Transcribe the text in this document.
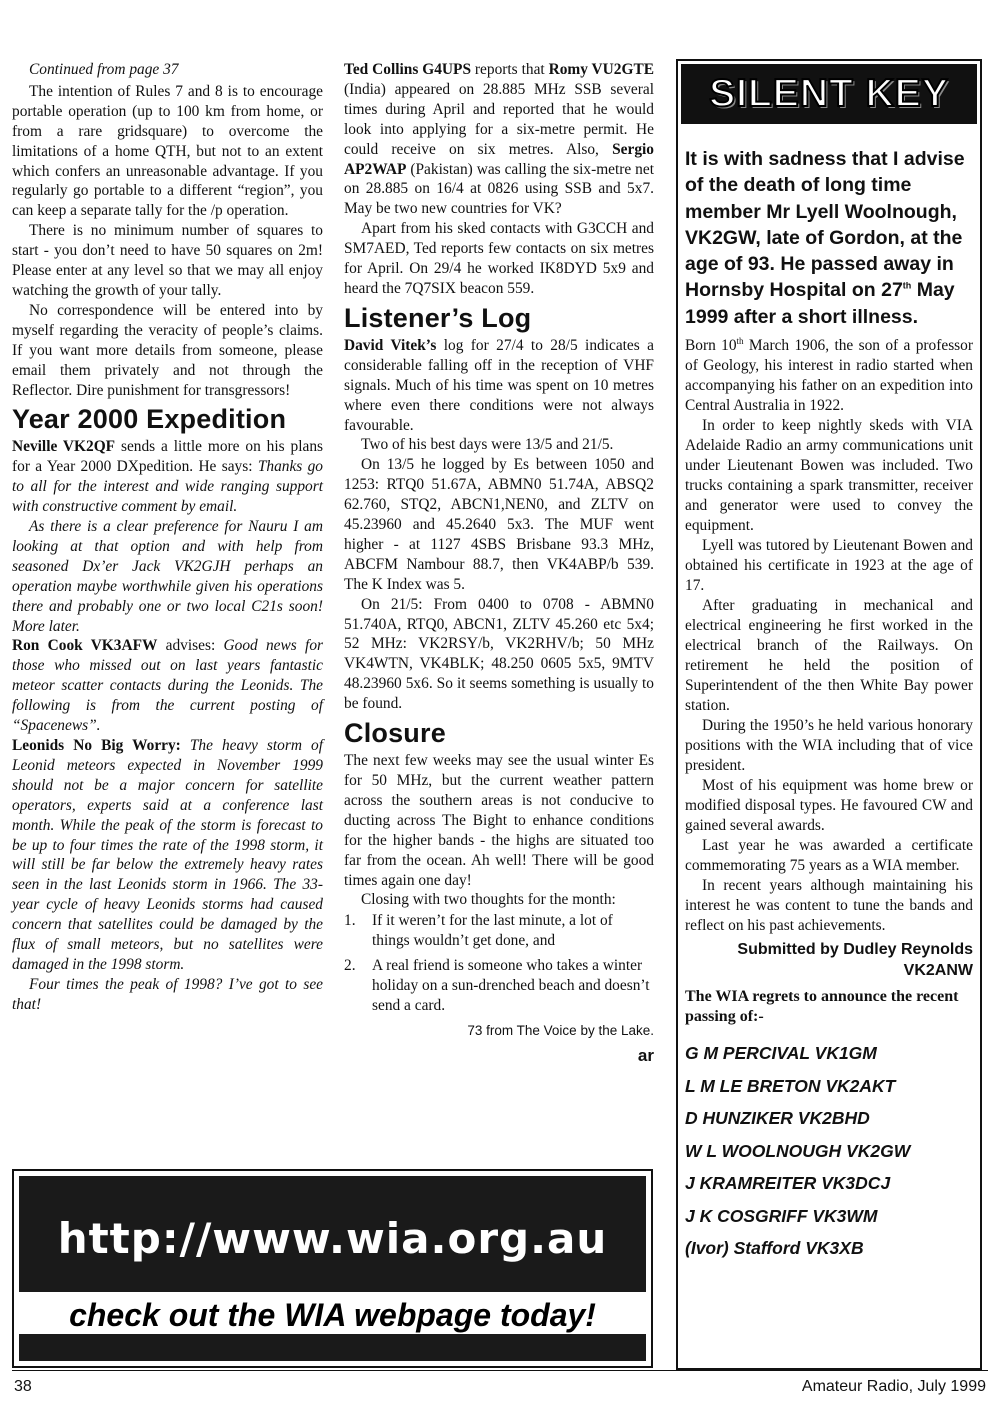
Continued from page 37

The intention of Rules 7 and 8 is to encourage portable operation (up to 100 km from home, or from a rare gridsquare) to overcome the limitations of a home QTH, but not to an extent which confers an unreasonable advantage. If you regularly go portable to a different “region”, you can keep a separate tally for the /p operation.

There is no minimum number of squares to start - you don’t need to have 50 squares on 2m! Please enter at any level so that we may all enjoy watching the growth of your tally.

No correspondence will be entered into by myself regarding the veracity of people’s claims. If you want more details from someone, please email them privately and not through the Reflector. Dire punishment for transgressors!

Year 2000 Expedition

Neville VK2QF sends a little more on his plans for a Year 2000 DXpedition. He says: Thanks go to all for the interest and wide ranging support with constructive comment by email.

As there is a clear preference for Nauru I am looking at that option and with help from seasoned Dx’er Jack VK2GJH perhaps an operation maybe worthwhile given his operations there and probably one or two local C21s soon! More later.

Ron Cook VK3AFW advises: Good news for those who missed out on last years fantastic meteor scatter contacts during the Leonids. The following is from the current posting of “Spacenews”.

Leonids No Big Worry: The heavy storm of Leonid meteors expected in November 1999 should not be a major concern for satellite operators, experts said at a conference last month. While the peak of the storm is forecast to be up to four times the rate of the 1998 storm, it will still be far below the extremely heavy rates seen in the last Leonids storm in 1966. The 33-year cycle of heavy Leonids storms had caused concern that satellites could be damaged by the flux of small meteors, but no satellites were damaged in the 1998 storm.

Four times the peak of 1998? I’ve got to see that!

Ted Collins G4UPS reports that Romy VU2GTE (India) appeared on 28.885 MHz SSB several times during April and reported that he would look into applying for a six-metre permit. He could receive on six metres. Also, Sergio AP2WAP (Pakistan) was calling the six-metre net on 28.885 on 16/4 at 0826 using SSB and 5x7. May be two new countries for VK?

Apart from his sked contacts with G3CCH and SM7AED, Ted reports few contacts on six metres for April. On 29/4 he worked IK8DYD 5x9 and heard the 7Q7SIX beacon 559.

Listener’s Log

David Vitek’s log for 27/4 to 28/5 indicates a considerable falling off in the reception of VHF signals. Much of his time was spent on 10 metres where even there conditions were not always favourable.

Two of his best days were 13/5 and 21/5.

On 13/5 he logged by Es between 1050 and 1253: RTQ0 51.67A, ABMN0 51.74A, ABSQ2 62.760, STQ2, ABCN1,NEN0, and ZLTV on 45.23960 and 45.2640 5x3. The MUF went higher - at 1127 4SBS Brisbane 93.3 MHz, ABCFM Nambour 88.7, then VK4ABP/b 539. The K Index was 5.

On 21/5: From 0400 to 0708 - ABMN0 51.740A, RTQ0, ABCN1, ZLTV 45.260 etc 5x4; 52 MHz: VK2RSY/b, VK2RHV/b; 50 MHz VK4WTN, VK4BLK; 48.250 0605 5x5, 9MTV 48.23960 5x6. So it seems something is usually to be found.

Closure

The next few weeks may see the usual winter Es for 50 MHz, but the current weather pattern across the southern areas is not conducive to ducting across The Bight to enhance conditions for the higher bands - the highs are situated too far from the ocean. Ah well! There will be good times again one day!

Closing with two thoughts for the month:

1. If it weren’t for the last minute, a lot of things wouldn’t get done, and
2. A real friend is someone who takes a winter holiday on a sun-drenched beach and doesn’t send a card.
73 from The Voice by the Lake.
ar
SILENT KEY

It is with sadness that I advise of the death of long time member Mr Lyell Woolnough, VK2GW, late of Gordon, at the age of 93. He passed away in Hornsby Hospital on 27th May 1999 after a short illness.

Born 10th March 1906, the son of a professor of Geology, his interest in radio started when accompanying his father on an expedition into Central Australia in 1922.

In order to keep nightly skeds with VIA Adelaide Radio an army communications unit under Lieutenant Bowen was included. Two trucks containing a spark transmitter, receiver and generator were used to convey the equipment.

Lyell was tutored by Lieutenant Bowen and obtained his certificate in 1923 at the age of 17.

After graduating in mechanical and electrical engineering he first worked in the electrical branch of the Railways. On retirement he held the position of Superintendent of the then White Bay power station.

During the 1950’s he held various honorary positions with the WIA including that of vice president.

Most of his equipment was home brew or modified disposal types. He favoured CW and gained several awards.

Last year he was awarded a certificate commemorating 75 years as a WIA member.

In recent years although maintaining his interest he was content to tune the bands and reflect on his past achievements.

Submitted by Dudley Reynolds
VK2ANW
The WIA regrets to announce the recent passing of:-

G M PERCIVAL VK1GM

L M LE BRETON VK2AKT

D HUNZIKER VK2BHD

W L WOOLNOUGH VK2GW

J KRAMREITER VK3DCJ

J K COSGRIFF VK3WM

(Ivor) Stafford VK3XB

http://www.wia.org.au
check out the WIA webpage today!
38	Amateur Radio, July 1999
